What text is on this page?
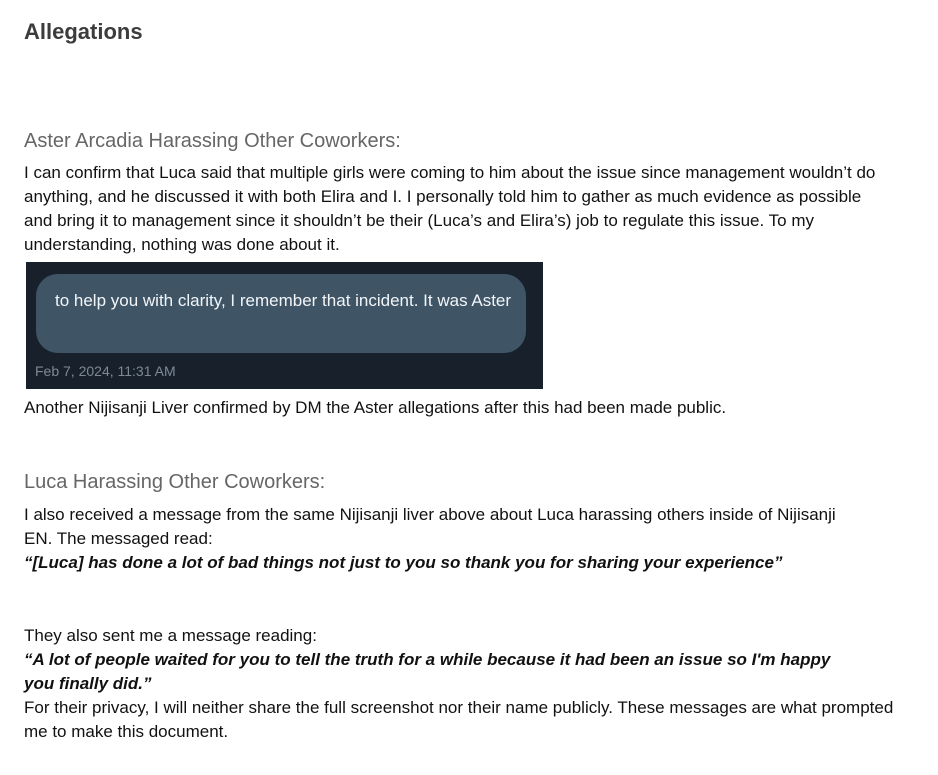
Allegations
Aster Arcadia Harassing Other Coworkers:

I can confirm that Luca said that multiple girls were coming to him about the issue since management wouldn’t do anything, and he discussed it with both Elira and I. I personally told him to gather as much evidence as possible and bring it to management since it shouldn’t be their (Luca’s and Elira’s) job to regulate this issue. To my understanding, nothing was done about it.

to help you with clarity, I remember that incident. It was Aster
Feb 7, 2024, 11:31 AM

Another Nijisanji Liver confirmed by DM the Aster allegations after this had been made public.

Luca Harassing Other Coworkers:

I also received a message from the same Nijisanji liver above about Luca harassing others inside of Nijisanji EN. The messaged read:

“[Luca] has done a lot of bad things not just to you so thank you for sharing your experience”

They also sent me a message reading:

“A lot of people waited for you to tell the truth for a while because it had been an issue so I'm happy you finally did.”

For their privacy, I will neither share the full screenshot nor their name publicly. These messages are what prompted me to make this document.
